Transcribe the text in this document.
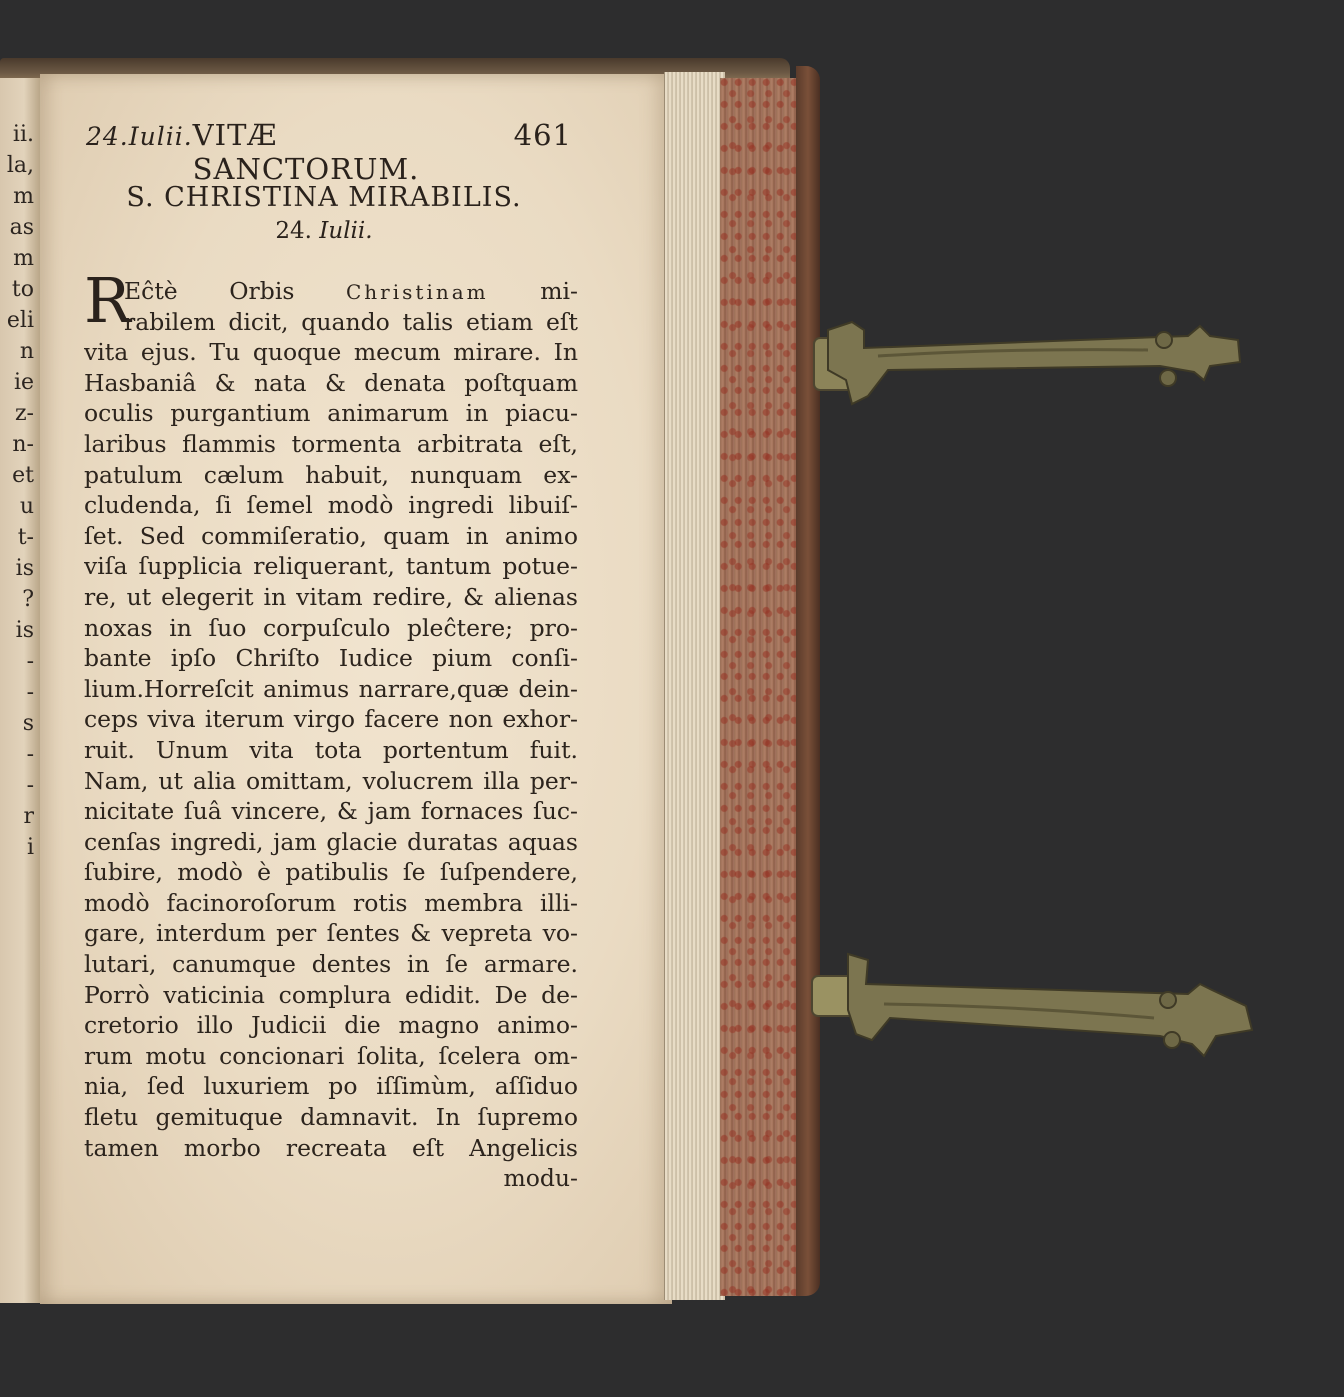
ii.
la,
m
as
m
to
eli
n
ie
z-
n-
et
u
t-
is
?
is
-
-
s
-
-
r
i
24.Iulii. VITÆ SANCTORUM.
461
S. CHRISTINA MIRABILIS.
24. Iulii.
R
Eĉtè Orbis	Christinam mi-
rabilem dicit, quando talis etiam eſt
vita ejus. Tu quoque mecum mirare. In
Hasbaniâ & nata & denata poſtquam
oculis purgantium animarum in piacu-
laribus flammis tormenta arbitrata eſt,
patulum cælum habuit, nunquam ex-
cludenda, ſi ſemel modò ingredi libuiſ-
ſet. Sed commiſeratio, quam in animo
viſa ſupplicia reliquerant, tantum potue-
re, ut elegerit in vitam redire, & alienas
noxas in ſuo corpuſculo pleĉtere; pro-
bante ipſo Chriſto Iudice pium conſi-
lium.Horreſcit animus narrare,quæ dein-
ceps viva iterum virgo facere non exhor-
ruit. Unum vita tota portentum fuit.
Nam, ut alia omittam, volucrem illa per-
nicitate ſuâ vincere, & jam fornaces ſuc-
cenſas ingredi, jam glacie duratas aquas
ſubire, modò è patibulis ſe ſuſpendere,
modò facinoroſorum rotis membra illi-
gare, interdum per ſentes & vepreta vo-
lutari, canumque dentes in ſe armare.
Porrò vaticinia complura edidit. De de-
cretorio illo Judicii die magno animo-
rum motu concionari ſolita, ſcelera om-
nia, ſed luxuriem po iſſimùm, aſſiduo
fletu gemituque damnavit. In ſupremo
tamen morbo recreata eſt Angelicis
modu-
